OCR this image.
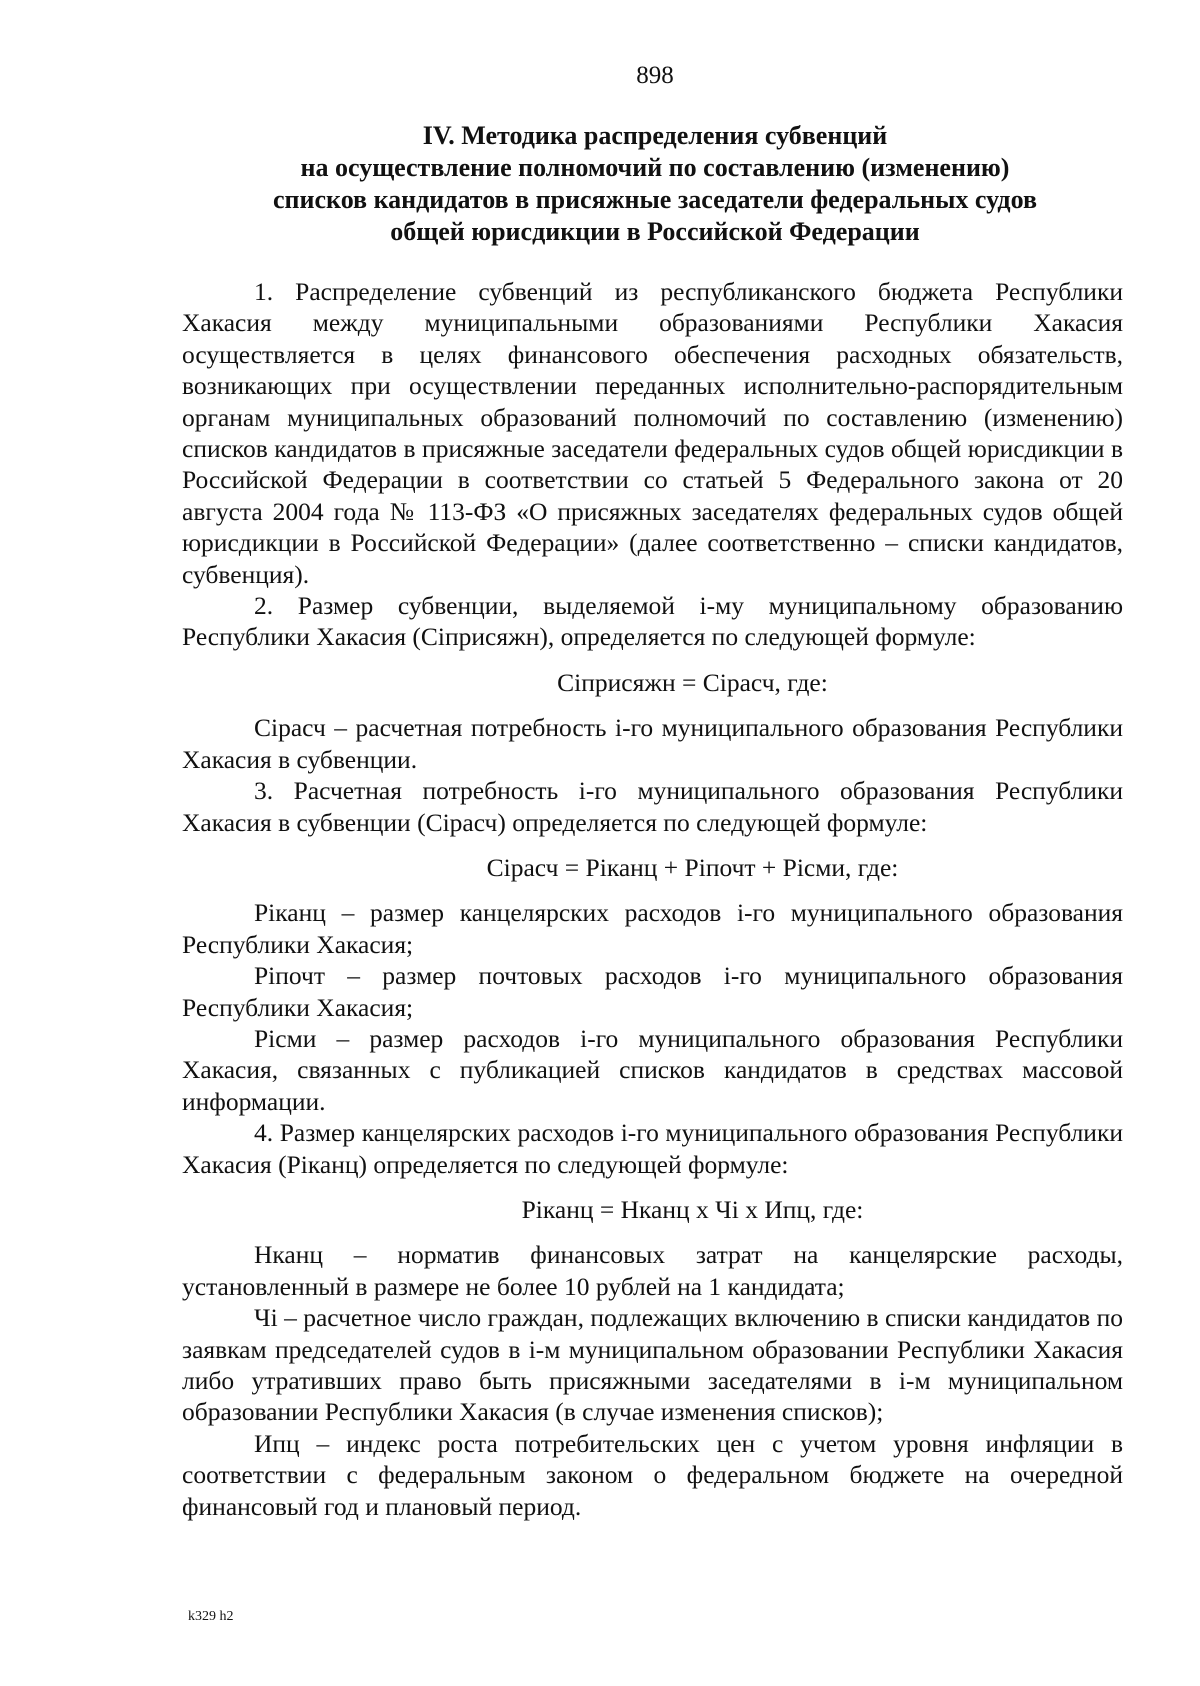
898
IV. Методика распределения субвенций
на осуществление полномочий по составлению (изменению)
списков кандидатов в присяжные заседатели федеральных судов
общей юрисдикции в Российской Федерации

1. Распределение субвенций из республиканского бюджета Республики Хакасия между муниципальными образованиями Республики Хакасия осуществляется в целях финансового обеспечения расходных обязательств, возникающих при осуществлении переданных исполнительно-распорядительным органам муниципальных образований полномочий по составлению (изменению) списков кандидатов в присяжные заседатели федеральных судов общей юрисдикции в Российской Федерации в соответствии со статьей 5 Федерального закона от 20 августа 2004 года № 113-ФЗ «О присяжных заседателях федеральных судов общей юрисдикции в Российской Федерации» (далее соответственно – списки кандидатов, субвенция).

2. Размер субвенции, выделяемой i-му муниципальному образованию Республики Хакасия (Ciприсяжн), определяется по следующей формуле:

Ciприсяжн = Ciрасч, где:

Ciрасч – расчетная потребность i-го муниципального образования Республики Хакасия в субвенции.

3. Расчетная потребность i-го муниципального образования Республики Хакасия в субвенции (Ciрасч) определяется по следующей формуле:

Ciрасч = Piканц + Piпочт + Piсми, где:

Piканц – размер канцелярских расходов i-го муниципального образования Республики Хакасия;

Piпочт – размер почтовых расходов i-го муниципального образования Республики Хакасия;

Piсми – размер расходов i-го муниципального образования Республики Хакасия, связанных с публикацией списков кандидатов в средствах массовой информации.

4. Размер канцелярских расходов i-го муниципального образования Республики Хакасия (Piканц) определяется по следующей формуле:

Piканц = Нканц х Чi х Ипц, где:

Нканц – норматив финансовых затрат на канцелярские расходы, установленный в размере не более 10 рублей на 1 кандидата;

Чi – расчетное число граждан, подлежащих включению в списки кандидатов по заявкам председателей судов в i-м муниципальном образовании Республики Хакасия либо утративших право быть присяжными заседателями в i-м муниципальном образовании Республики Хакасия (в случае изменения списков);

Ипц – индекс роста потребительских цен с учетом уровня инфляции в соответствии с федеральным законом о федеральном бюджете на очередной финансовый год и плановый период.

k329 h2
